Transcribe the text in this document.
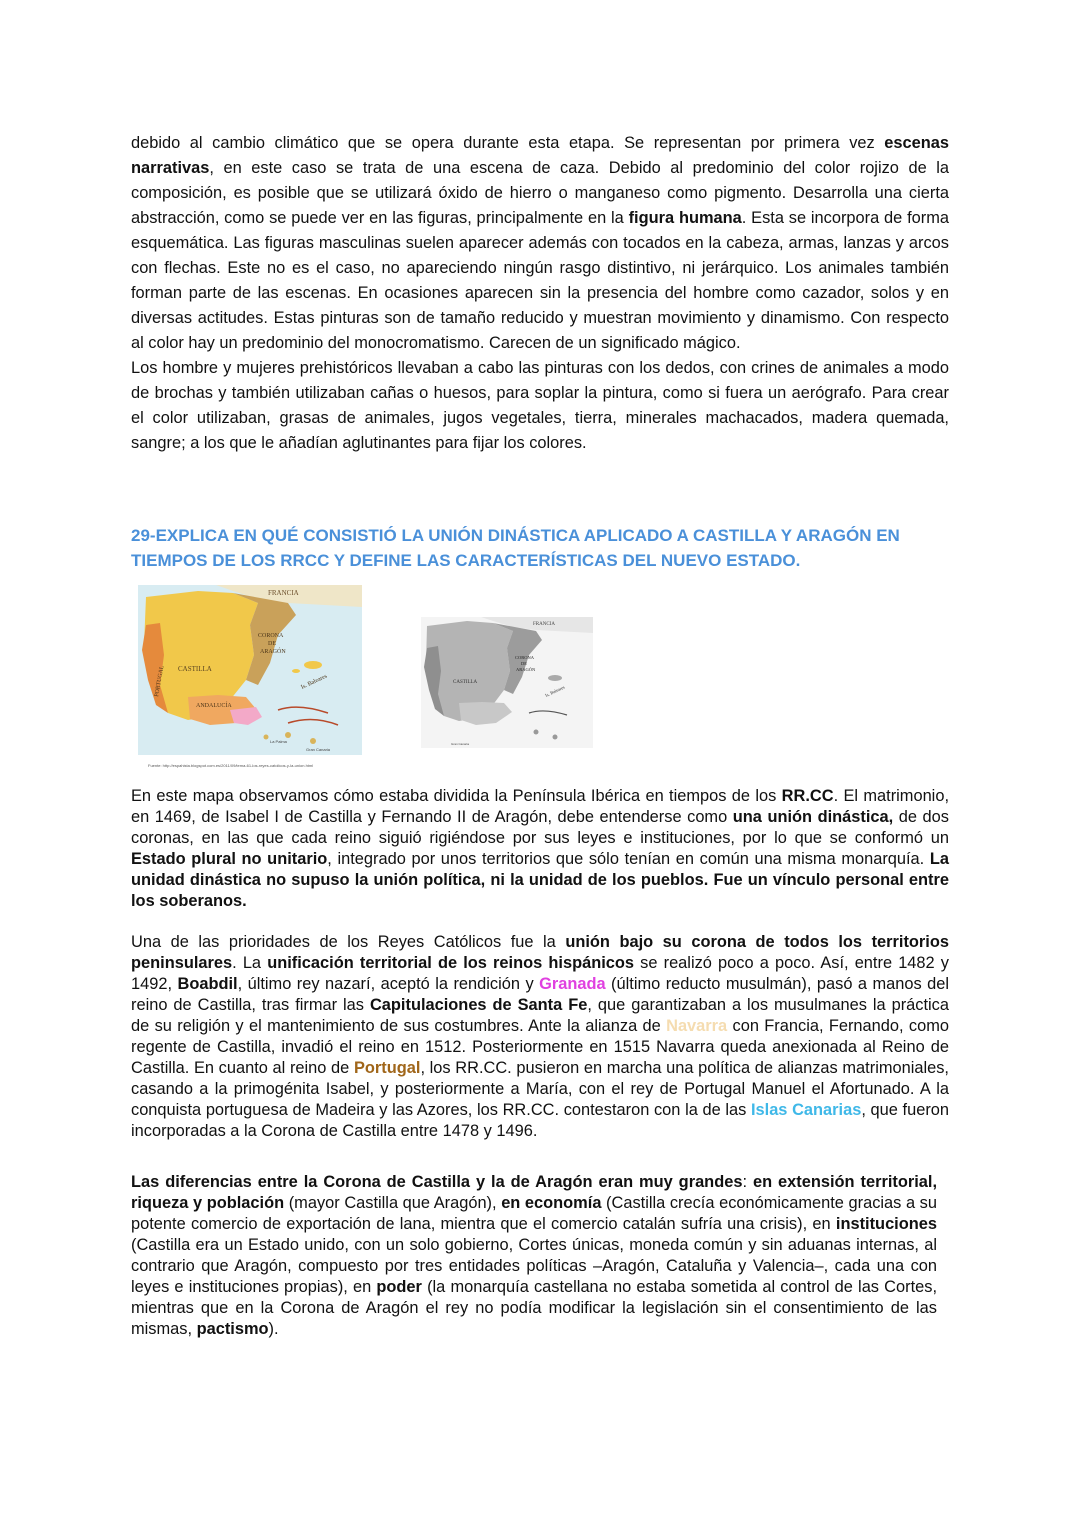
debido al cambio climático que se opera durante esta etapa. Se representan por primera vez escenas narrativas, en este caso se trata de una escena de caza. Debido al predominio del color rojizo de la composición, es posible que se utilizará óxido de hierro o manganeso como pigmento. Desarrolla una cierta abstracción, como se puede ver en las figuras, principalmente en la figura humana. Esta se incorpora de forma esquemática. Las figuras masculinas suelen aparecer además con tocados en la cabeza, armas, lanzas y arcos con flechas. Este no es el caso, no apareciendo ningún rasgo distintivo, ni jerárquico. Los animales también forman parte de las escenas. En ocasiones aparecen sin la presencia del hombre como cazador, solos y en diversas actitudes. Estas pinturas son de tamaño reducido y muestran movimiento y dinamismo. Con respecto al color hay un predominio del monocromatismo. Carecen de un significado mágico.

Los hombre y mujeres prehistóricos llevaban a cabo las pinturas con los dedos, con crines de animales a modo de brochas y también utilizaban cañas o huesos, para soplar la pintura, como si fuera un aerógrafo. Para crear el color utilizaban, grasas de animales, jugos vegetales, tierra, minerales machacados, madera quemada, sangre; a los que le añadían aglutinantes para fijar los colores.

29-EXPLICA EN QUÉ CONSISTIÓ LA UNIÓN DINÁSTICA APLICADO A CASTILLA Y ARAGÓN EN TIEMPOS DE LOS RRCC Y DEFINE LAS CARACTERÍSTICAS DEL NUEVO ESTADO.
FRANCIA
CASTILLA
CORONA
DE
ARAGÓN
PORTUGAL
ANDALUCÍA
Is. Baleares
Gran Canaria
La Palma
FRANCIA
CASTILLA
CORONA
DE
ARAGÓN
Is. Baleares
Gran Canaria
Fuente: http://espahista.blogspot.com.es/2011/09/tema-61-los-reyes-catolicos-y-la-union.html

En este mapa observamos cómo estaba dividida la Península Ibérica en tiempos de los RR.CC. El matrimonio, en 1469, de Isabel I de Castilla y Fernando II de Aragón, debe entenderse como una unión dinástica, de dos coronas, en las que cada reino siguió rigiéndose por sus leyes e instituciones, por lo que se conformó un Estado plural no unitario, integrado por unos territorios que sólo tenían en común una misma monarquía. La unidad dinástica no supuso la unión política, ni la unidad de los pueblos. Fue un vínculo personal entre los soberanos.

Una de las prioridades de los Reyes Católicos fue la unión bajo su corona de todos los territorios peninsulares. La unificación territorial de los reinos hispánicos se realizó poco a poco. Así, entre 1482 y 1492, Boabdil, último rey nazarí, aceptó la rendición y Granada (último reducto musulmán), pasó a manos del reino de Castilla, tras firmar las Capitulaciones de Santa Fe, que garantizaban a los musulmanes la práctica de su religión y el mantenimiento de sus costumbres. Ante la alianza de Navarra con Francia, Fernando, como regente de Castilla, invadió el reino en 1512. Posteriormente en 1515 Navarra queda anexionada al Reino de Castilla. En cuanto al reino de Portugal, los RR.CC. pusieron en marcha una política de alianzas matrimoniales, casando a la primogénita Isabel, y posteriormente a María, con el rey de Portugal Manuel el Afortunado. A la conquista portuguesa de Madeira y las Azores, los RR.CC. contestaron con la de las Islas Canarias, que fueron incorporadas a la Corona de Castilla entre 1478 y 1496.

Las diferencias entre la Corona de Castilla y la de Aragón eran muy grandes: en extensión territorial, riqueza y población (mayor Castilla que Aragón), en economía (Castilla crecía económicamente gracias a su potente comercio de exportación de lana, mientra que el comercio catalán sufría una crisis), en instituciones (Castilla era un Estado unido, con un solo gobierno, Cortes únicas, moneda común y sin aduanas internas, al contrario que Aragón, compuesto por tres entidades políticas –Aragón, Cataluña y Valencia–, cada una con leyes e instituciones propias), en poder (la monarquía castellana no estaba sometida al control de las Cortes, mientras que en la Corona de Aragón el rey no podía modificar la legislación sin el consentimiento de las mismas, pactismo).
